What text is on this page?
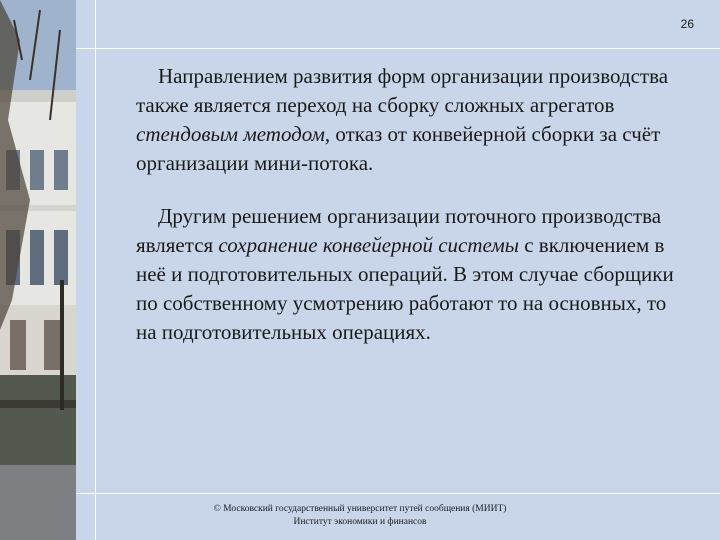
26

Направлением развития форм организации производства также является переход на сборку сложных агрегатов стендовым методом, отказ от конвейерной сборки за счёт организации мини-потока.

Другим решением организации поточного производства является сохранение конвейерной системы с включением в неё и подготовительных операций. В этом случае сборщики по собственному усмотрению работают то на основных, то на подготовительных операциях.

© Московский государственный университет путей сообщения (МИИТ)
Институт экономики и финансов
